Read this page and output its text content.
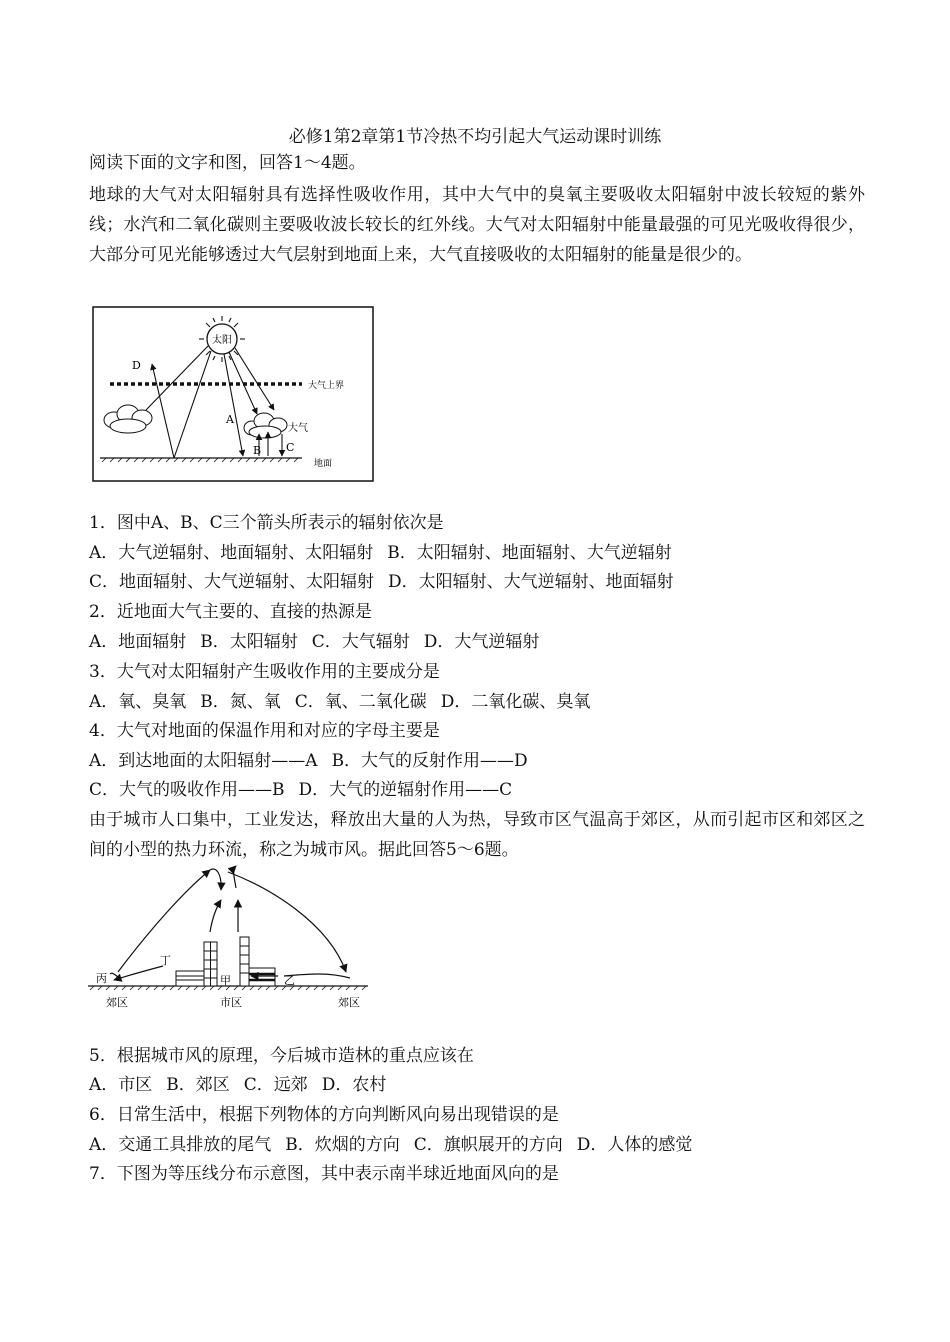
必修1第2章第1节冷热不均引起大气运动课时训练
阅读下面的文字和图，回答1～4题。
地球的大气对太阳辐射具有选择性吸收作用，其中大气中的臭氧主要吸收太阳辐射中波长较短的紫外线；水汽和二氧化碳则主要吸收波长较长的红外线。大气对太阳辐射中能量最强的可见光吸收得很少，大部分可见光能够透过大气层射到地面上来，大气直接吸收的太阳辐射的能量是很少的。
太阳
大气上界
地面
大气
D
A
B C
1．图中A、B、C三个箭头所表示的辐射依次是
A．大气逆辐射、地面辐射、太阳辐射 B．太阳辐射、地面辐射、大气逆辐射
C．地面辐射、大气逆辐射、太阳辐射 D．太阳辐射、大气逆辐射、地面辐射
2．近地面大气主要的、直接的热源是
A．地面辐射 B．太阳辐射 C．大气辐射 D．大气逆辐射
3．大气对太阳辐射产生吸收作用的主要成分是
A．氧、臭氧 B．氮、氧 C．氧、二氧化碳 D．二氧化碳、臭氧
4．大气对地面的保温作用和对应的字母主要是
A．到达地面的太阳辐射——A B．大气的反射作用——D
C．大气的吸收作用——B D．大气的逆辐射作用——C
由于城市人口集中，工业发达，释放出大量的人为热，导致市区气温高于郊区，从而引起市区和郊区之间的小型的热力环流，称之为城市风。据此回答5～6题。
丙
丁
甲	乙
郊区	市区	郊区
5．根据城市风的原理，今后城市造林的重点应该在
A．市区 B．郊区 C．远郊 D．农村
6．日常生活中，根据下列物体的方向判断风向易出现错误的是
A．交通工具排放的尾气 B．炊烟的方向 C．旗帜展开的方向 D．人体的感觉
7．下图为等压线分布示意图，其中表示南半球近地面风向的是
